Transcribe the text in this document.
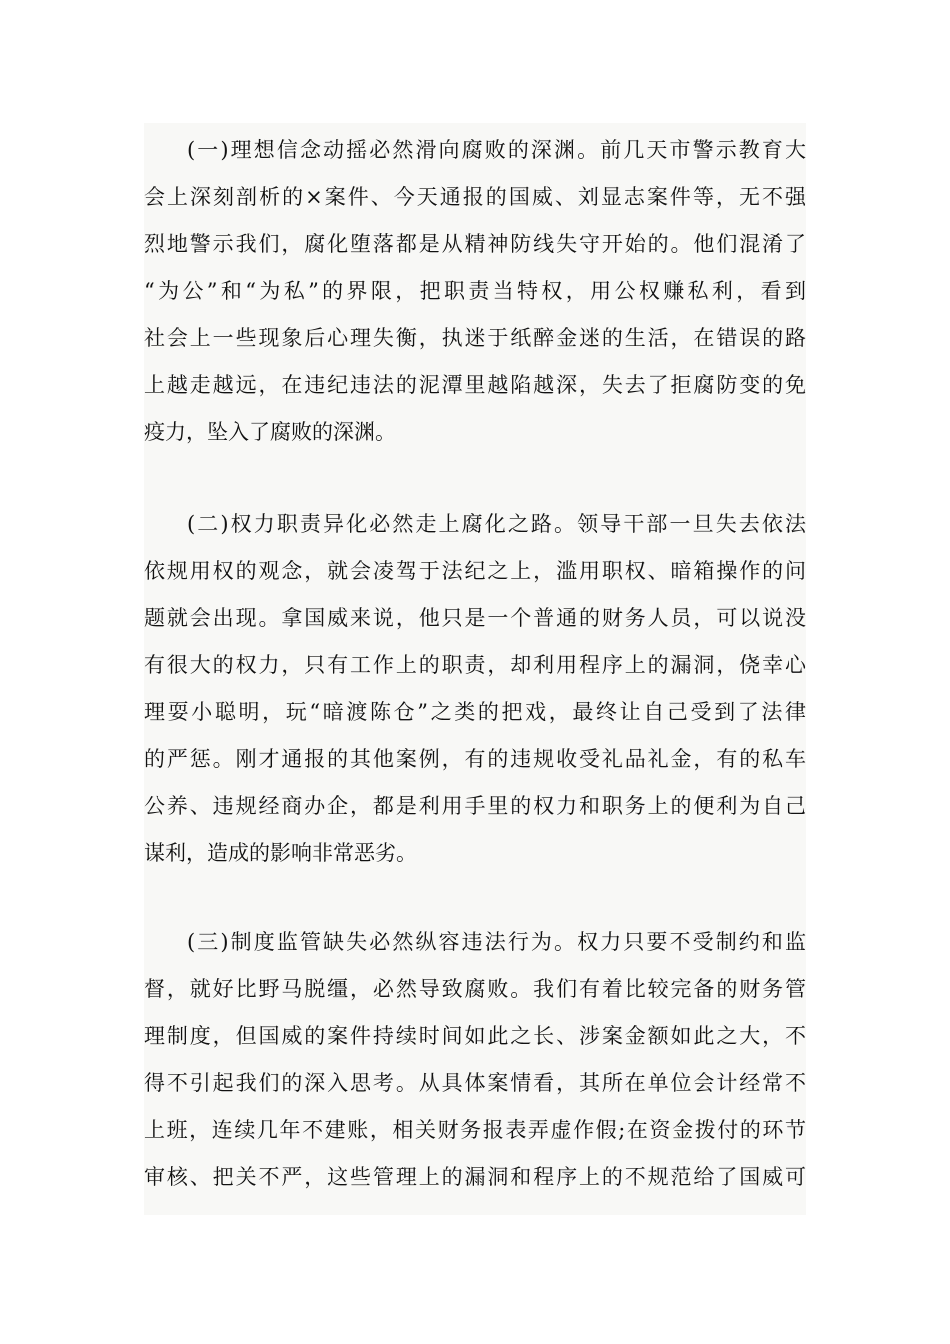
(一)理想信念动摇必然滑向腐败的深渊。前几天市警示教育大
会上深刻剖析的×案件、今天通报的国威、刘显志案件等，无不强
烈地警示我们，腐化堕落都是从精神防线失守开始的。他们混淆了
“为公”和“为私”的界限，把职责当特权，用公权赚私利，看到
社会上一些现象后心理失衡，执迷于纸醉金迷的生活，在错误的路
上越走越远，在违纪违法的泥潭里越陷越深，失去了拒腐防变的免
疫力，坠入了腐败的深渊。
(二)权力职责异化必然走上腐化之路。领导干部一旦失去依法
依规用权的观念，就会凌驾于法纪之上，滥用职权、暗箱操作的问
题就会出现。拿国威来说，他只是一个普通的财务人员，可以说没
有很大的权力，只有工作上的职责，却利用程序上的漏洞，侥幸心
理耍小聪明，玩“暗渡陈仓”之类的把戏，最终让自己受到了法律
的严惩。刚才通报的其他案例，有的违规收受礼品礼金，有的私车
公养、违规经商办企，都是利用手里的权力和职务上的便利为自己
谋利，造成的影响非常恶劣。
(三)制度监管缺失必然纵容违法行为。权力只要不受制约和监
督，就好比野马脱缰，必然导致腐败。我们有着比较完备的财务管
理制度，但国威的案件持续时间如此之长、涉案金额如此之大，不
得不引起我们的深入思考。从具体案情看，其所在单位会计经常不
上班，连续几年不建账，相关财务报表弄虚作假;在资金拨付的环节
审核、把关不严，这些管理上的漏洞和程序上的不规范给了国威可
